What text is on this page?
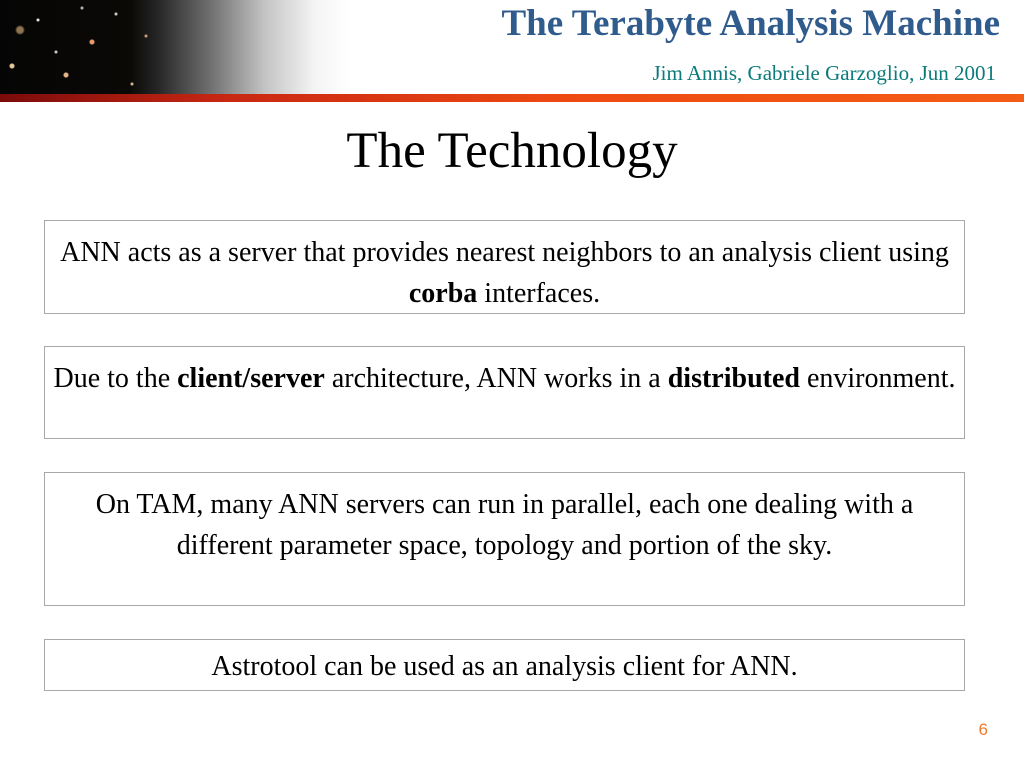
The Terabyte Analysis Machine
Jim Annis, Gabriele Garzoglio, Jun 2001
The Technology
ANN acts as a server that provides nearest neighbors to an analysis client using corba interfaces.
Due to the client/server architecture, ANN works in a distributed environment.
On TAM, many ANN servers can run in parallel, each one dealing with a different parameter space, topology and portion of the sky.
Astrotool can be used as an analysis client for ANN.
6
